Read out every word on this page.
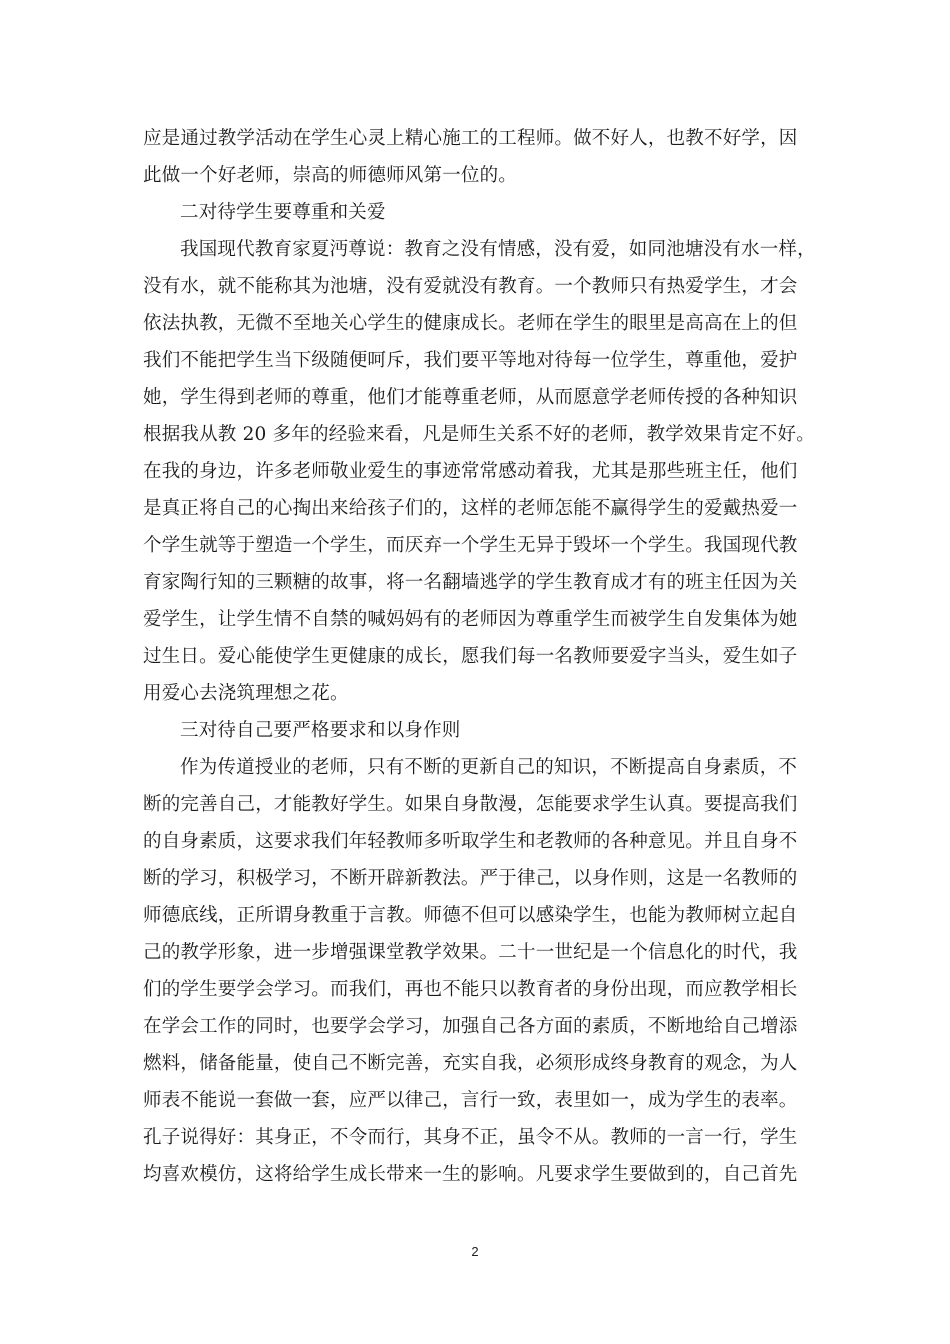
应是通过教学活动在学生心灵上精心施工的工程师。做不好人，也教不好学，因
此做一个好老师，崇高的师德师风第一位的。
二对待学生要尊重和关爱
我国现代教育家夏沔尊说：教育之没有情感，没有爱，如同池塘没有水一样，
没有水，就不能称其为池塘，没有爱就没有教育。一个教师只有热爱学生，才会
依法执教，无微不至地关心学生的健康成长。老师在学生的眼里是高高在上的但
我们不能把学生当下级随便呵斥，我们要平等地对待每一位学生，尊重他，爱护
她，学生得到老师的尊重，他们才能尊重老师，从而愿意学老师传授的各种知识
根据我从教 20 多年的经验来看，凡是师生关系不好的老师，教学效果肯定不好。
在我的身边，许多老师敬业爱生的事迹常常感动着我，尤其是那些班主任，他们
是真正将自己的心掏出来给孩子们的，这样的老师怎能不赢得学生的爱戴热爱一
个学生就等于塑造一个学生，而厌弃一个学生无异于毁坏一个学生。我国现代教
育家陶行知的三颗糖的故事，将一名翻墙逃学的学生教育成才有的班主任因为关
爱学生，让学生情不自禁的喊妈妈有的老师因为尊重学生而被学生自发集体为她
过生日。爱心能使学生更健康的成长，愿我们每一名教师要爱字当头，爱生如子
用爱心去浇筑理想之花。
三对待自己要严格要求和以身作则
作为传道授业的老师，只有不断的更新自己的知识，不断提高自身素质，不
断的完善自己，才能教好学生。如果自身散漫，怎能要求学生认真。要提高我们
的自身素质，这要求我们年轻教师多听取学生和老教师的各种意见。并且自身不
断的学习，积极学习，不断开辟新教法。严于律己，以身作则，这是一名教师的
师德底线，正所谓身教重于言教。师德不但可以感染学生，也能为教师树立起自
己的教学形象，进一步增强课堂教学效果。二十一世纪是一个信息化的时代，我
们的学生要学会学习。而我们，再也不能只以教育者的身份出现，而应教学相长
在学会工作的同时，也要学会学习，加强自己各方面的素质，不断地给自己增添
燃料，储备能量，使自己不断完善，充实自我，必须形成终身教育的观念，为人
师表不能说一套做一套，应严以律己，言行一致，表里如一，成为学生的表率。
孔子说得好：其身正，不令而行，其身不正，虽令不从。教师的一言一行，学生
均喜欢模仿，这将给学生成长带来一生的影响。凡要求学生要做到的，自己首先
2
